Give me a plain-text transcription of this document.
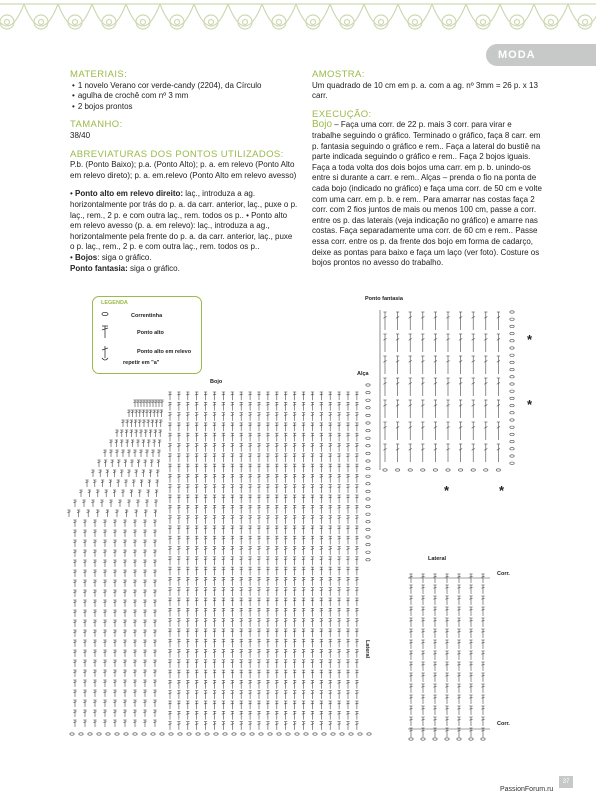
MODA
MATERIAIS:
• 1 novelo Verano cor verde-candy (2204), da Círculo
• agulha de crochê com nº 3 mm
• 2 bojos prontos
TAMANHO:

38/40

ABREVIATURAS DOS PONTOS UTILIZADOS:

P.b. (Ponto Baixo); p.a. (Ponto Alto); p. a. em relevo (Ponto Alto em relevo direto); p. a. em.relevo (Ponto Alto em relevo avesso)

• Ponto alto em relevo direito: laç., introduza a ag. horizontalmente por trás do p. a. da carr. anterior, laç., puxe o p. laç., rem., 2 p. e com outra laç., rem. todos os p.. • Ponto alto em relevo avesso (p. a. em relevo): laç., introduza a ag., horizontalmente pela frente do p. a. da carr. anterior, laç., puxe o p. laç., rem., 2 p. e com outra laç., rem. todos os p..

• Bojos: siga o gráfico.

Ponto fantasia: siga o gráfico.

AMOSTRA:

Um quadrado de 10 cm em p. a. com a ag. nº 3mm = 26 p. x 13 carr.

EXECUÇÃO:

Bojo – Faça uma corr. de 22 p. mais 3 corr. para virar e trabalhe seguindo o gráfico. Terminado o gráfico, faça 8 carr. em p. fantasia seguindo o gráfico e rem.. Faça a lateral do bustiê na parte indicada seguindo o gráfico e rem.. Faça 2 bojos iguais. Faça a toda volta dos dois bojos uma carr. em p. b. unindo-os entre si durante a carr. e rem.. Alças – prenda o fio na ponta de cada bojo (indicado no gráfico) e faça uma corr. de 50 cm e volte com uma carr. em p. b. e rem.. Para amarrar nas costas faça 2 corr. com 2 fios juntos de mais ou menos 100 cm, passe a corr. entre os p. das laterais (veja indicação no gráfico) e amarre nas costas. Faça separadamente uma corr. de 60 cm e rem.. Passe essa corr. entre os p. da frente dos bojo em forma de cadarço, deixe as pontas para baixo e faça um laço (ver foto). Costure os bojos prontos no avesso do trabalho.

LEGENDA
Correntinha
Ponto alto
Ponto alto em relevo
repetir em "a"
Bojo
Alça
Lateral
Ponto fantasia
Lateral
Corr.
Corr.
*
*
*	*
37
PassionForum.ru
